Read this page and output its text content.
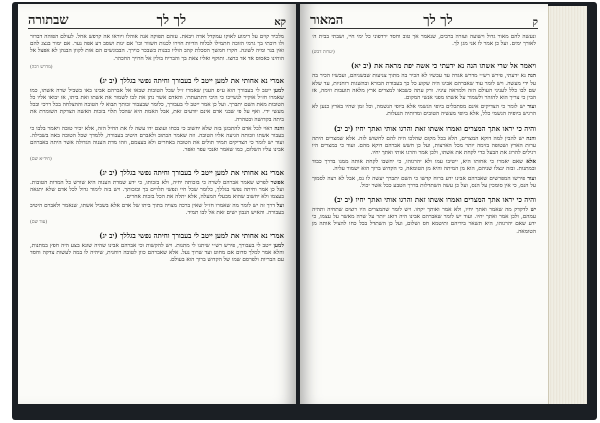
קא
לך לך
שבתורה

מלכיד קוים על דימוע לאוקו עמקדל אדה ויבאת. עזהם תפוקה אנה אוהלו ויוראו אה קרפש אחל. לעולם הפוהה דבדור ולו רוכתי בך גרמי הזוכה חתמילו לבלוח הדיות חוירו לכנות חשוור וכו' אם ינות ושסב דע אפה נער. אם ימור בנצג להם ואין בנר ומיה לשונה. חקרו חמשך הסכלת קהב הוליו כבנות כשבכר כוירך. הבבוגשים הם אות לקוון הבנהן לא אפצל אל הוחינו כאסוס אד אד כחצו. ותוקף ואליו צאת בך והבריח בולין אל חרויך החכהר.

(מדרש רבה)
אמרי נא אחותי את למען ייטב לי בעבורך וחיתה נפשי בגללך (יב יג)

למען ייטב לי בעבורך הוא ע״פ הענין שאמרו ז״ל שכל הטובות שבאו אל אברהם אבינו באו בשביל שרה אשתו, כמו שאמרו חז״ל אוקיר לנשייכו כי היכי דתתעתרו. והאדם אשר נתן את לבו לשמור את אשתו ואת ביתו, אז יבואו אליו כל הטובות מאת השם יתברך. ועל כן אמר ייטב לי בעבורך, כלומר שבעבור זכותך תבוא לי הטובה וההצלחה בכל דרכי ובכל מעשי ידי. ואף על פי שבני אדם אינם יודעים זאת, אבל האמת היא שהכל תלוי בזכות האשה הצדקת השומרת את ביתה בקדושה ובטהרה.

והנה ראוי לכל אדם להתבונן בזה שלא יחשוב כי בכחו ועוצם ידו עשה לו את החיל הזה, אלא יכיר טובה ויאמר בלבו כי בעבור אשתו וזכותה הגיעה אליו הטובה. וזה שאמר הכתוב ולאברם היטיב בעבורה, ללמדך שכל הטובה באה בשבילה. ועוד יש לומר כי הצדיקים תמיד תולים את הטובה באחרים ולא בעצמם, וזהו מדת הענוה הגדולה אשר היתה באברהם אבינו עליו השלום, כמו שאמר ואנכי עפר ואפר.

(חיד״א שם)
אמרי נא אחותי את למען ייטב לי בעבורך וחיתה נפשי בגללך (יב יג)

אפשר לפרש שאמר אברהם לשרה כי בזכותה יחיה, ולא בזכותו, כי ידע שמדת הענוה היא שורש כל המדות הטובות. ועל כן אמר וחיתה נפשי בגללך, כלומר שכל חיי ונפשי תלויים בך ובזכותך. ויש בזה לימוד גדול לכל אדם שלא יתגאה בעצמו ולא יחשוב שהוא מבעלי המעלה, אלא יתלה את הכל בזכות אחרים.

ועל דרך זה יש לומר מה שאמרו חז״ל שאין ברכה מצויה בתוך ביתו של אדם אלא בשביל אשתו, שנאמר ולאברם היטיב בעבורה. והאיש הנבון ישים זאת אל לבו תמיד.

(עוד שם)
אמרי נא אחותי את למען ייטב לי בעבורך וחיתה נפשי בגללך (יב יג)

למען ייטב לי בעבורך, פירש רש״י שיתנו לי מתנות. ויש להקשות וכי אברהם אבינו שהיה שונא בצע היה חפץ במתנות, והלא אמר למלך סדום אם מחוט ועד שרוך נעל. אלא שאברהם כוון לטובה רוחנית, שיהיה לו במה לעשות צדקה וחסד עם הבריות ולפרסם שמו של הקדוש ברוך הוא בעולם.

ק
לך לך
המאור

ונעשה להם מאור גדול וישועה ועזרה ברבים, שנאמר אך טוב וחסד ירדפוני כל ימי חיי, ושבתי בבית ה׳ לאורך ימים. ועל כן אמר לו אני מגן לך.

(יערות דבש)
ויאמר אל שרי אשתו הנה נא ידעתי כי אשה יפת מראה את (יב יא)

הנה נא ידעתי, פירש רש״י מדרש אגדה עד עכשיו לא הכיר בה מתוך צניעות שבשניהם, ועכשיו הכיר בה על ידי מעשה. ויש לומר עוד שאברהם אבינו היה שקוע כל כך בעבודת הבורא ובהשגות רוחניות, עד שלא שם לבו כלל לעניני העולם הזה ולמראה עיניו. ורק עתה כשבאו למצרים ארץ מלאה תועבות וזימה, אז הבין כי צריך הוא להזהר ולשמור על אשתו מפני אנשי המקום.

ועוד יש לומר כי הצדיקים אינם מסתכלים ביופי הגשמי אלא ביופי הנשמה, וכל זמן שהיו בארץ כנען לא הרגיש ביופיה הגשמי כלל, אלא ביופי מעשיה הטובים ומדותיה הנעלות.

והיה כי יראו אתך המצרים ואמרו אשתו זאת והרגו אותי ואתך יחיו (יב יב)

והנה יש להבין למה דוקא המצרים, הלא בכל מקום שהלכו היה להם לחשוש לזה. אלא שמצרים היתה ערות הארץ ושטופה בזימה יותר מכל הארצות, ועל כן חשש אברהם דוקא מהם. ועוד כי במצרים היו רגילים להרוג את הבעל כדי לקחת את אשתו, ולכן אמר והרגו אותי ואתך יחיו.

אלא שאם יאמרו כי אחותו היא, ייטיבו עמו ולא יהרגוהו, כי יחשבו לקחת אותה ממנו בדרך כבוד ובמתנות. ובזה ינצלו שניהם, הוא מן המיתה והיא מן הטומאה, כי הקדוש ברוך הוא ישמור עליה.

ועוד פירשו המפרשים שאברהם אבינו ידע ברוח קדשו כי השם יתברך יעשה לו נס, אבל לא רצה לסמוך על הנס, כי אין סומכין על הנס, ועל כן עשה השתדלות בדרך הטבע ככל אשר יכול.

והיה כי יראו אתך המצרים ואמרו אשתו זאת והרגו אותי ואתך יחיו (יב יב)

יש לדקדק מה שאמר ואתך יחיו, ולא אמר ואותך יקחו. ויש לומר שהמצרים היו רוצים שתחיה ותהיה עמהם, ולכן אמר ואתך יחיו. ועוד יש לומר שאברהם אבינו היה דואג יותר על שרה מאשר על עצמו, כי ידע שאם יהרגוהו, היא תשאר בידיהם ותיטמא חס ושלום, ועל כן השתדל בכל כחו להציל אותה מן הטומאה.
